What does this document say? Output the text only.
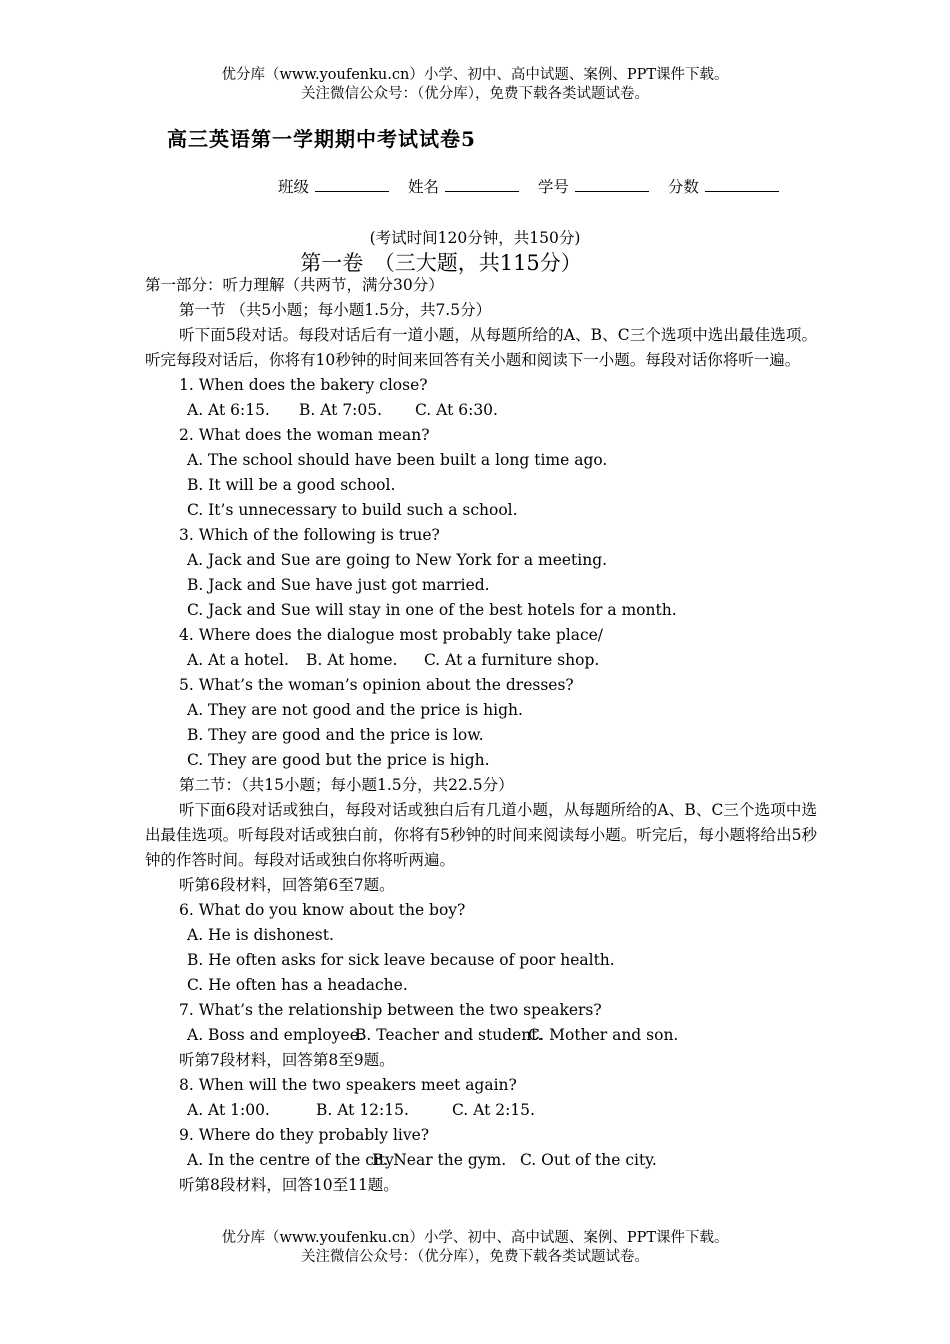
优分库（www.youfenku.cn）小学、初中、高中试题、案例、PPT课件下载。
关注微信公众号：（优分库），免费下载各类试题试卷。
高三英语第一学期期中考试试卷5
班级	姓名	学号	分数
(考试时间120分钟，共150分)
第一卷　（三大题，共115分）
第一部分：听力理解（共两节，满分30分）
第一节 （共5小题；每小题1.5分，共7.5分）
听下面5段对话。每段对话后有一道小题，从每题所给的A、B、C三个选项中选出最佳选项。听完每段对话后，你将有10秒钟的时间来回答有关小题和阅读下一小题。每段对话你将听一遍。
1. When does the bakery close?
A. At 6:15. B. At 7:05. C. At 6:30.
2. What does the woman mean?
A. The school should have been built a long time ago.
B. It will be a good school.
C. It’s unnecessary to build such a school.
3. Which of the following is true?
A. Jack and Sue are going to New York for a meeting.
B. Jack and Sue have just got married.
C. Jack and Sue will stay in one of the best hotels for a month.
4. Where does the dialogue most probably take place/
A. At a hotel. B. At home. C. At a furniture shop.
5. What’s the woman’s opinion about the dresses?
A. They are not good and the price is high.
B. They are good and the price is low.
C. They are good but the price is high.
第二节：（共15小题；每小题1.5分，共22.5分）
听下面6段对话或独白，每段对话或独白后有几道小题，从每题所给的A、B、C三个选项中选出最佳选项。听每段对话或独白前，你将有5秒钟的时间来阅读每小题。听完后，每小题将给出5秒钟的作答时间。每段对话或独白你将听两遍。
听第6段材料，回答第6至7题。
6. What do you know about the boy?
A. He is dishonest.
B. He often asks for sick leave because of poor health.
C. He often has a headache.
7. What’s the relationship between the two speakers?
A. Boss and employee.B. Teacher and student.C. Mother and son.
听第7段材料，回答第8至9题。
8. When will the two speakers meet again?
A. At 1:00.	B. At 12:15.	C. At 2:15.
9. Where do they probably live?
A. In the centre of the cityB. Near the gym. C. Out of the city.
听第8段材料，回答10至11题。
优分库（www.youfenku.cn）小学、初中、高中试题、案例、PPT课件下载。
关注微信公众号：（优分库），免费下载各类试题试卷。
